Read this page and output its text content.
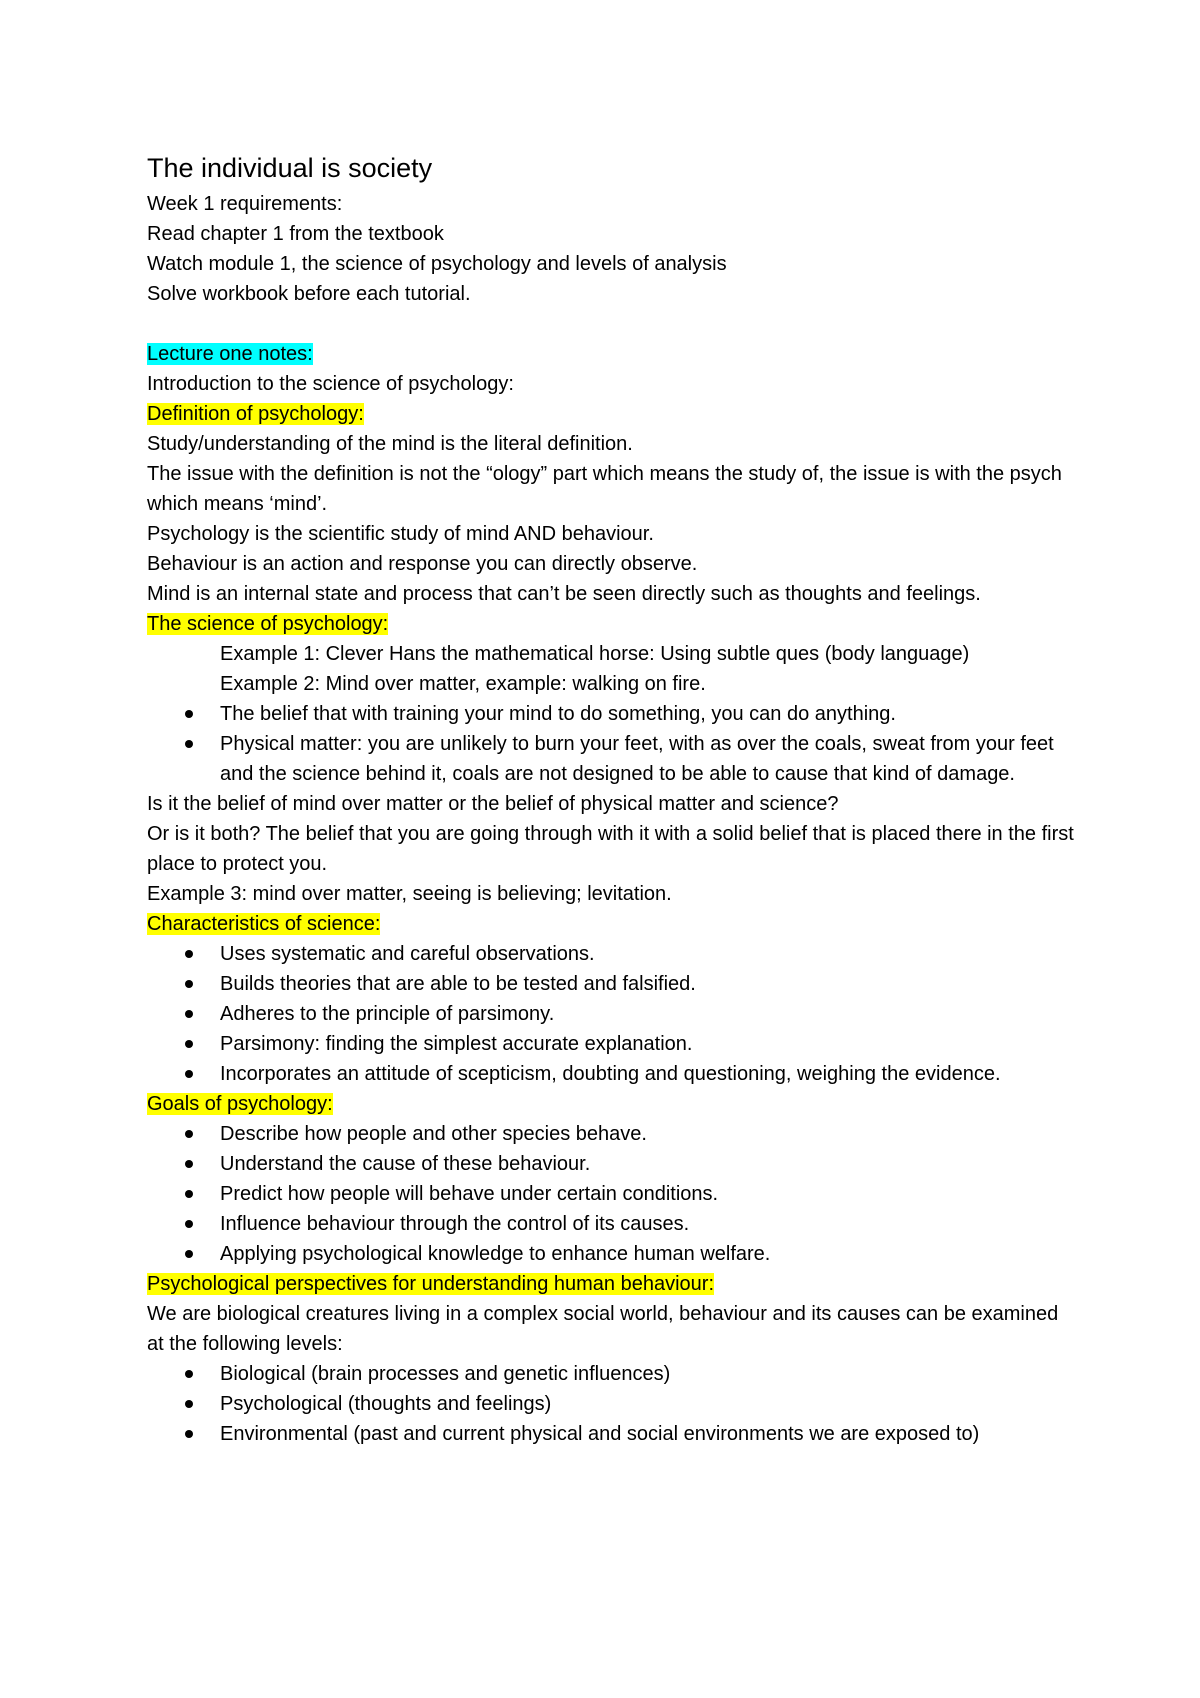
The individual is society
Week 1 requirements:
Read chapter 1 from the textbook
Watch module 1, the science of psychology and levels of analysis
Solve workbook before each tutorial.
Lecture one notes:
Introduction to the science of psychology:
Definition of psychology:
Study/understanding of the mind is the literal definition.
The issue with the definition is not the “ology” part which means the study of, the issue is with the psych which means ‘mind’.
Psychology is the scientific study of mind AND behaviour.
Behaviour is an action and response you can directly observe.
Mind is an internal state and process that can’t be seen directly such as thoughts and feelings.
The science of psychology:
Example 1: Clever Hans the mathematical horse: Using subtle ques (body language)
Example 2: Mind over matter, example: walking on fire.
The belief that with training your mind to do something, you can do anything.
Physical matter: you are unlikely to burn your feet, with as over the coals, sweat from your feet and the science behind it, coals are not designed to be able to cause that kind of damage.
Is it the belief of mind over matter or the belief of physical matter and science?
Or is it both? The belief that you are going through with it with a solid belief that is placed there in the first place to protect you.
Example 3: mind over matter, seeing is believing; levitation.
Characteristics of science:
Uses systematic and careful observations.
Builds theories that are able to be tested and falsified.
Adheres to the principle of parsimony.
Parsimony: finding the simplest accurate explanation.
Incorporates an attitude of scepticism, doubting and questioning, weighing the evidence.
Goals of psychology:
Describe how people and other species behave.
Understand the cause of these behaviour.
Predict how people will behave under certain conditions.
Influence behaviour through the control of its causes.
Applying psychological knowledge to enhance human welfare.
Psychological perspectives for understanding human behaviour:
We are biological creatures living in a complex social world, behaviour and its causes can be examined at the following levels:
Biological (brain processes and genetic influences)
Psychological (thoughts and feelings)
Environmental (past and current physical and social environments we are exposed to)
